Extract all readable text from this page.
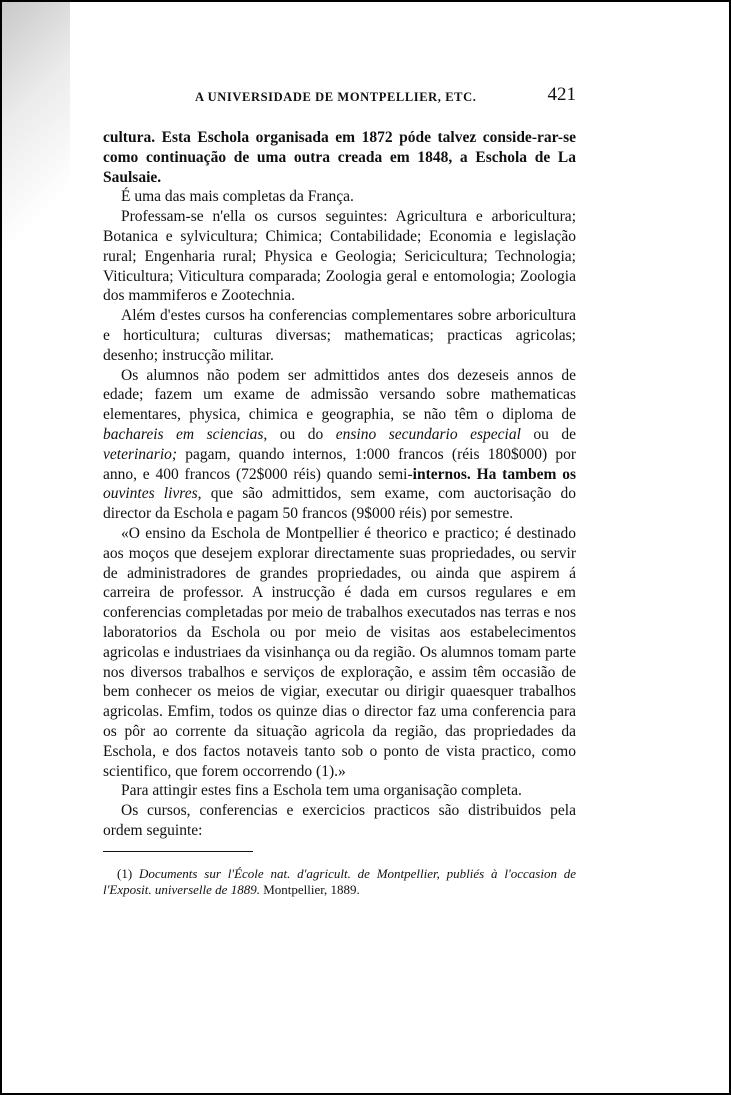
A UNIVERSIDADE DE MONTPELLIER, ETC.	421

cultura. Esta Eschola organisada em 1872 póde talvez conside-rar-se como continuação de uma outra creada em 1848, a Eschola de La Saulsaie.

É uma das mais completas da França.

Professam-se n'ella os cursos seguintes: Agricultura e arboricultura; Botanica e sylvicultura; Chimica; Contabilidade; Economia e legislação rural; Engenharia rural; Physica e Geologia; Sericicultura; Technologia; Viticultura; Viticultura comparada; Zoologia geral e entomologia; Zoologia dos mammiferos e Zootechnia.

Além d'estes cursos ha conferencias complementares sobre arboricultura e horticultura; culturas diversas; mathematicas; practicas agricolas; desenho; instrucção militar.

Os alumnos não podem ser admittidos antes dos dezeseis annos de edade; fazem um exame de admissão versando sobre mathematicas elementares, physica, chimica e geographia, se não têm o diploma de bachareis em sciencias, ou do ensino secundario especial ou de veterinario; pagam, quando internos, 1:000 francos (réis 180$000) por anno, e 400 francos (72$000 réis) quando semi-internos. Ha tambem os ouvintes livres, que são admittidos, sem exame, com auctorisação do director da Eschola e pagam 50 francos (9$000 réis) por semestre.

«O ensino da Eschola de Montpellier é theorico e practico; é destinado aos moços que desejem explorar directamente suas propriedades, ou servir de administradores de grandes propriedades, ou ainda que aspirem á carreira de professor. A instrucção é dada em cursos regulares e em conferencias completadas por meio de trabalhos executados nas terras e nos laboratorios da Eschola ou por meio de visitas aos estabelecimentos agricolas e industriaes da visinhança ou da região. Os alumnos tomam parte nos diversos trabalhos e serviços de exploração, e assim têm occasião de bem conhecer os meios de vigiar, executar ou dirigir quaesquer trabalhos agricolas. Emfim, todos os quinze dias o director faz uma conferencia para os pôr ao corrente da situação agricola da região, das propriedades da Eschola, e dos factos notaveis tanto sob o ponto de vista practico, como scientifico, que forem occorrendo (1).»

Para attingir estes fins a Eschola tem uma organisação completa.

Os cursos, conferencias e exercicios practicos são distribuidos pela ordem seguinte:

(1) Documents sur l'École nat. d'agricult. de Montpellier, publiés à l'occasion de l'Exposit. universelle de 1889. Montpellier, 1889.
